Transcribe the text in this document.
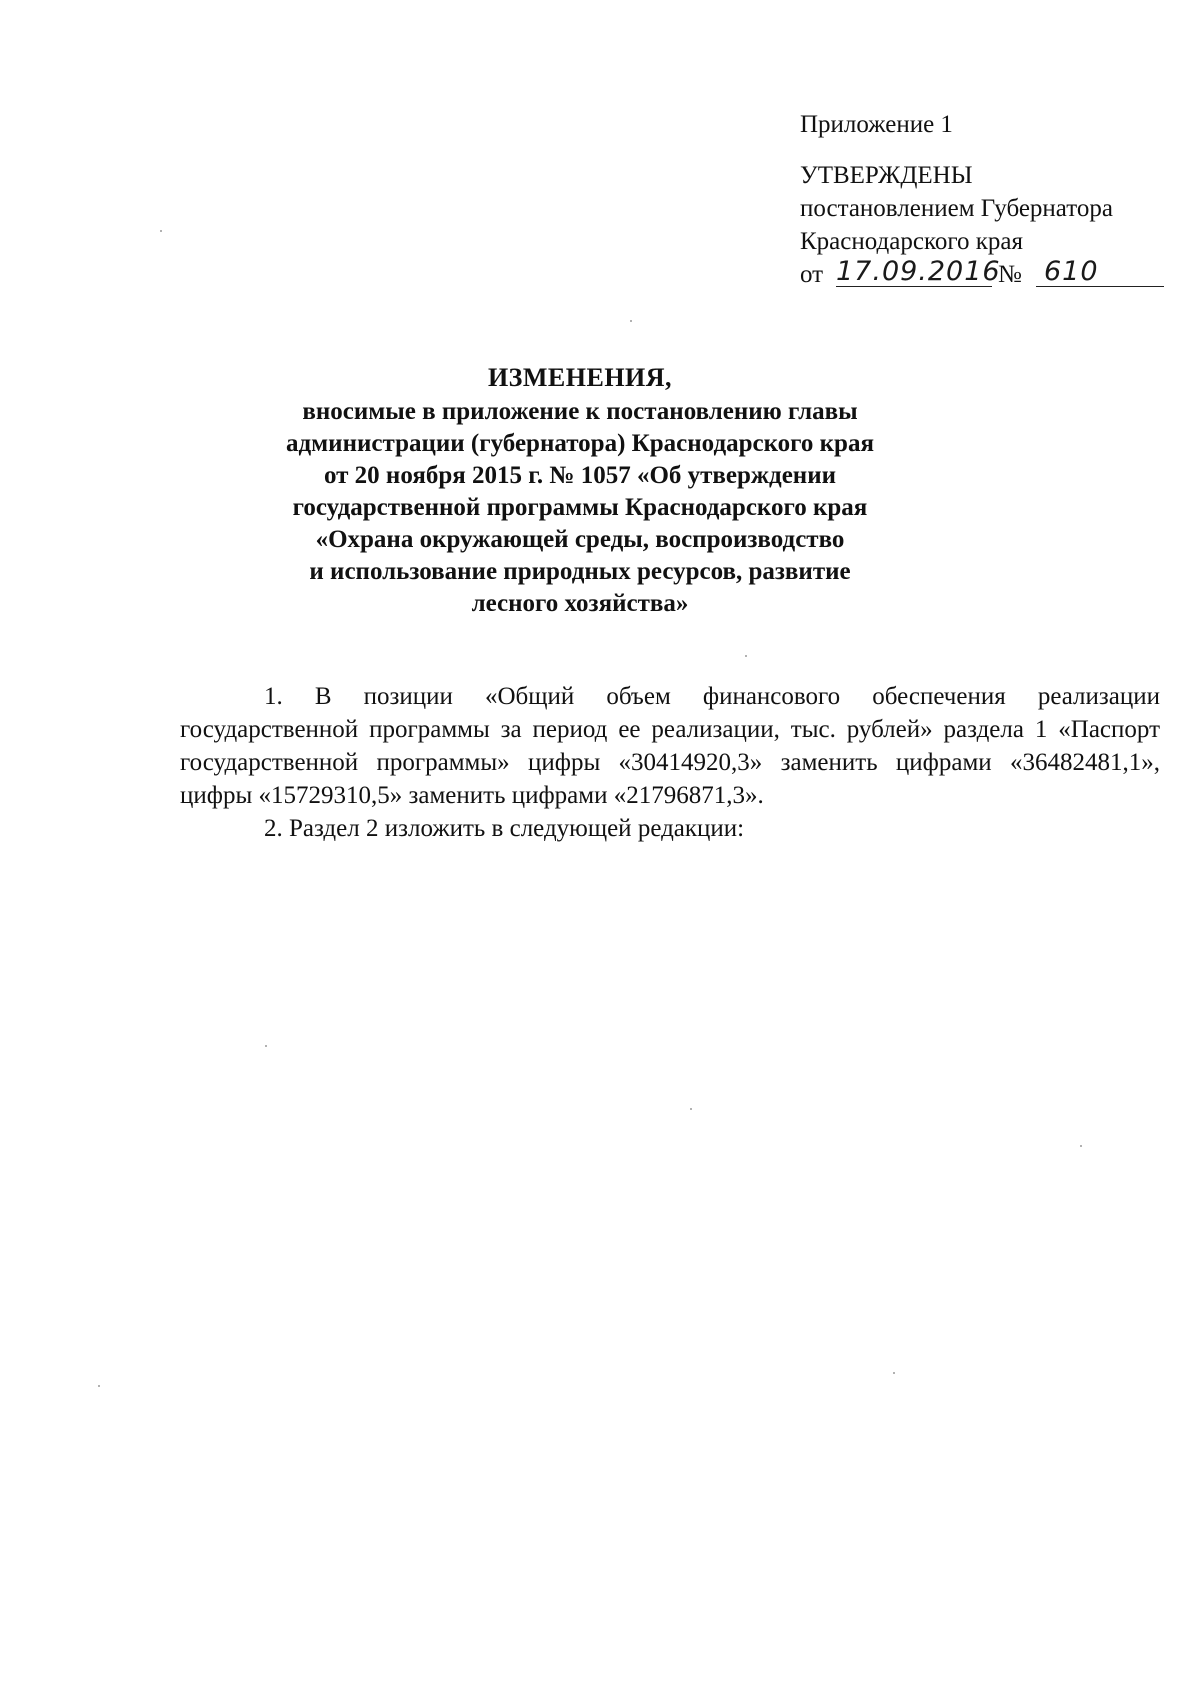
Приложение 1
УТВЕРЖДЕНЫ
постановлением Губернатора
Краснодарского края
от 17.09.2016
№ 610
ИЗМЕНЕНИЯ,
вносимые в приложение к постановлению главы
администрации (губернатора) Краснодарского края
от 20 ноября 2015 г. № 1057 «Об утверждении
государственной программы Краснодарского края
«Охрана окружающей среды, воспроизводство
и использование природных ресурсов, развитие
лесного хозяйства»

1. В позиции «Общий объем финансового обеспечения реализации государственной программы за период ее реализации, тыс. рублей» раздела 1 «Паспорт государственной программы» цифры «30414920,3» заменить цифрами «36482481,1», цифры «15729310,5» заменить цифрами «21796871,3».

2. Раздел 2 изложить в следующей редакции:
